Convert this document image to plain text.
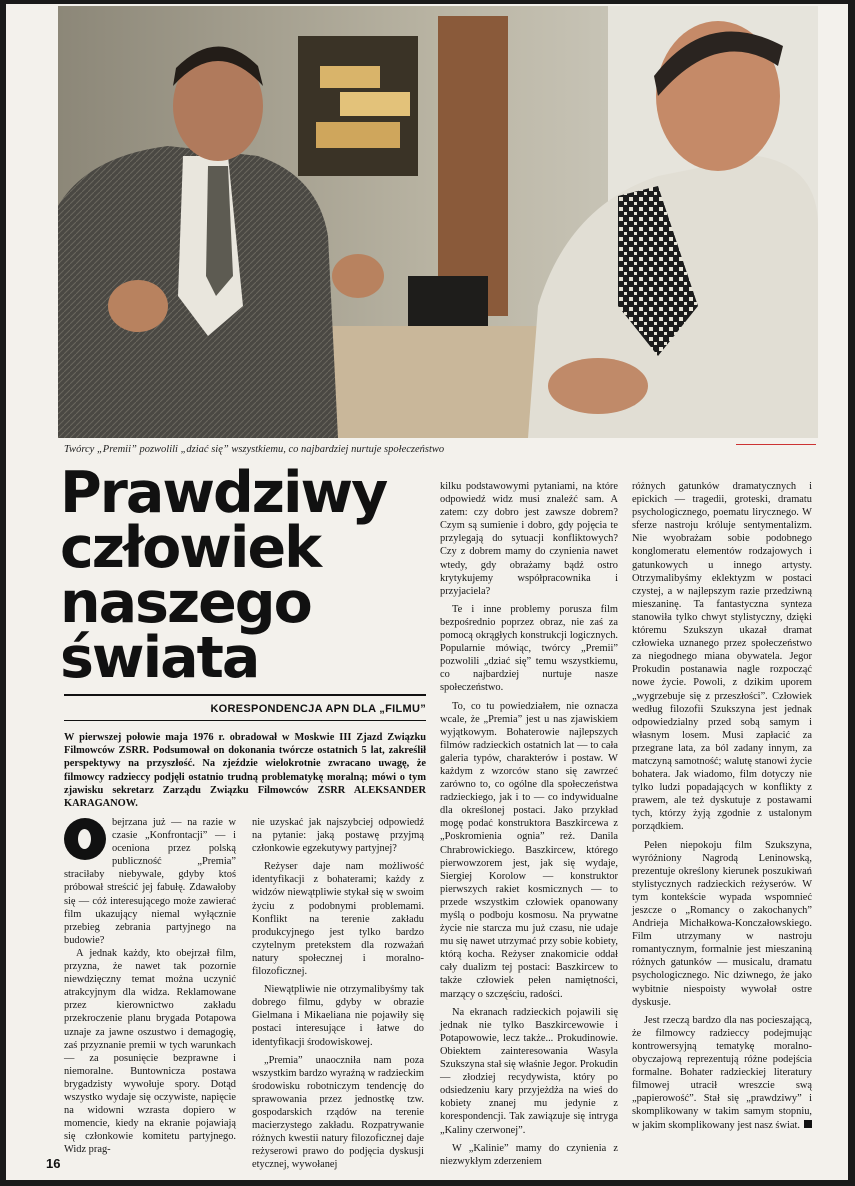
Twórcy „Premii” pozwolili „dziać się” wszystkiemu, co najbardziej nurtuje społeczeństwo
Prawdziwy
człowiek
naszego
świata
KORESPONDENCJA APN DLA „FILMU”

W pierwszej połowie maja 1976 r. obradował w Moskwie III Zjazd Związku Filmowców ZSRR. Podsumował on dokonania twórcze ostatnich 5 lat, zakreślił perspektywy na przyszłość. Na zjeździe wielokrotnie zwracano uwagę, że filmowcy radzieccy podjęli ostatnio trudną problematykę moralną; mówi o tym zjawisku sekretarz Zarządu Związku Filmowców ZSRR ALEKSANDER KARAGANOW.

bejrzana już — na razie w czasie „Konfrontacji” — i oceniona przez polską publiczność „Premia” straciłaby niebywale, gdyby ktoś próbował streścić jej fabułę. Zdawałoby się — cóż interesującego może zawierać film ukazujący niemal wyłącznie przebieg zebrania partyjnego na budowie?

A jednak każdy, kto obejrzał film, przyzna, że nawet tak pozornie niewdzięczny temat można uczynić atrakcyjnym dla widza. Reklamowane przez kierownictwo zakładu przekroczenie planu brygada Potapowa uznaje za jawne oszustwo i demagogię, zaś przyznanie premii w tych warunkach — za posunięcie bezprawne i niemoralne. Buntownicza postawa brygadzisty wywołuje spory. Dotąd wszystko wydaje się oczywiste, napięcie na widowni wzrasta dopiero w momencie, kiedy na ekranie pojawiają się członkowie komitetu partyjnego. Widz prag-

nie uzyskać jak najszybciej odpowiedź na pytanie: jaką postawę przyjmą członkowie egzekutywy partyjnej?

Reżyser daje nam możliwość identyfikacji z bohaterami; każdy z widzów niewątpliwie stykał się w swoim życiu z podobnymi problemami. Konflikt na terenie zakładu produkcyjnego jest tylko bardzo czytelnym pretekstem dla rozważań natury społecznej i moralno-filozoficznej.

Niewątpliwie nie otrzymalibyśmy tak dobrego filmu, gdyby w obrazie Gielmana i Mikaeliana nie pojawiły się postaci interesujące i łatwe do identyfikacji środowiskowej.

„Premia” unaoczniła nam poza wszystkim bardzo wyraźną w radzieckim środowisku robotniczym tendencję do sprawowania przez jednostkę tzw. gospodarskich rządów na terenie macierzystego zakładu. Rozpatrywanie różnych kwestii natury filozoficznej daje reżyserowi prawo do podjęcia dyskusji etycznej, wywołanej

kilku podstawowymi pytaniami, na które odpowiedź widz musi znaleźć sam. A zatem: czy dobro jest zawsze dobrem? Czym są sumienie i dobro, gdy pojęcia te przylegają do sytuacji konfliktowych? Czy z dobrem mamy do czynienia nawet wtedy, gdy obrażamy bądź ostro krytykujemy współpracownika i przyjaciela?

Te i inne problemy porusza film bezpośrednio poprzez obraz, nie zaś za pomocą okrągłych konstrukcji logicznych. Popularnie mówiąc, twórcy „Premii” pozwolili „dziać się” temu wszystkiemu, co najbardziej nurtuje nasze społeczeństwo.

To, co tu powiedziałem, nie oznacza wcale, że „Premia” jest u nas zjawiskiem wyjątkowym. Bohaterowie najlepszych filmów radzieckich ostatnich lat — to cała galeria typów, charakterów i postaw. W każdym z wzorców stano się zawrzeć zarówno to, co ogólne dla społeczeństwa radzieckiego, jak i to — co indywidualne dla określonej postaci. Jako przykład mogę podać konstruktora Baszkircewa z „Poskromienia ognia” reż. Danila Chrabrowickiego. Baszkircew, którego pierwowzorem jest, jak się wydaje, Siergiej Korolow — konstruktor pierwszych rakiet kosmicznych — to przede wszystkim człowiek opanowany myślą o podboju kosmosu. Na prywatne życie nie starcza mu już czasu, nie udaje mu się nawet utrzymać przy sobie kobiety, którą kocha. Reżyser znakomicie oddał cały dualizm tej postaci: Baszkircew to także człowiek pełen namiętności, marzący o szczęściu, radości.

Na ekranach radzieckich pojawili się jednak nie tylko Baszkircewowie i Potapowowie, lecz także... Prokudinowie. Obiektem zainteresowania Wasyla Szukszyna stał się właśnie Jegor. Prokudin — złodziej recydywista, który po odsiedzeniu kary przyjeżdża na wieś do kobiety znanej mu jedynie z korespondencji. Tak zawiązuje się intryga „Kaliny czerwonej”.

W „Kalinie” mamy do czynienia z niezwykłym zderzeniem

różnych gatunków dramatycznych i epickich — tragedii, groteski, dramatu psychologicznego, poematu lirycznego. W sferze nastroju króluje sentymentalizm. Nie wyobrażam sobie podobnego konglomeratu elementów rodzajowych i gatunkowych u innego artysty. Otrzymalibyśmy eklektyzm w postaci czystej, a w najlepszym razie przedziwną mieszaninę. Ta fantastyczna synteza stanowiła tylko chwyt stylistyczny, dzięki któremu Szukszyn ukazał dramat człowieka uznanego przez społeczeństwo za niegodnego miana obywatela. Jegor Prokudin postanawia nagle rozpocząć nowe życie. Powoli, z dzikim uporem „wygrzebuje się z przeszłości”. Człowiek według filozofii Szukszyna jest jednak odpowiedzialny przed sobą samym i własnym losem. Musi zapłacić za przegrane lata, za ból zadany innym, za matczyną samotność; walutę stanowi życie bohatera. Jak wiadomo, film dotyczy nie tylko ludzi popadających w konflikty z prawem, ale też dyskutuje z postawami tych, którzy żyją zgodnie z ustalonym porządkiem.

Pełen niepokoju film Szukszyna, wyróżniony Nagrodą Leninowską, prezentuje określony kierunek poszukiwań stylistycznych radzieckich reżyserów. W tym kontekście wypada wspomnieć jeszcze o „Romancy o zakochanych” Andrieja Michałkowa-Konczałowskiego. Film utrzymany w nastroju romantycznym, formalnie jest mieszaniną różnych gatunków — musicalu, dramatu psychologicznego. Nic dziwnego, że jako wybitnie niespoisty wywołał ostre dyskusje.

Jest rzeczą bardzo dla nas pocieszającą, że filmowcy radzieccy podejmując kontrowersyjną tematykę moralno-obyczajową reprezentują różne podejścia formalne. Bohater radzieckiej literatury filmowej utracił wreszcie swą „papierowość”. Stał się „prawdziwy” i skomplikowany w takim samym stopniu, w jakim skomplikowany jest nasz świat.

16
